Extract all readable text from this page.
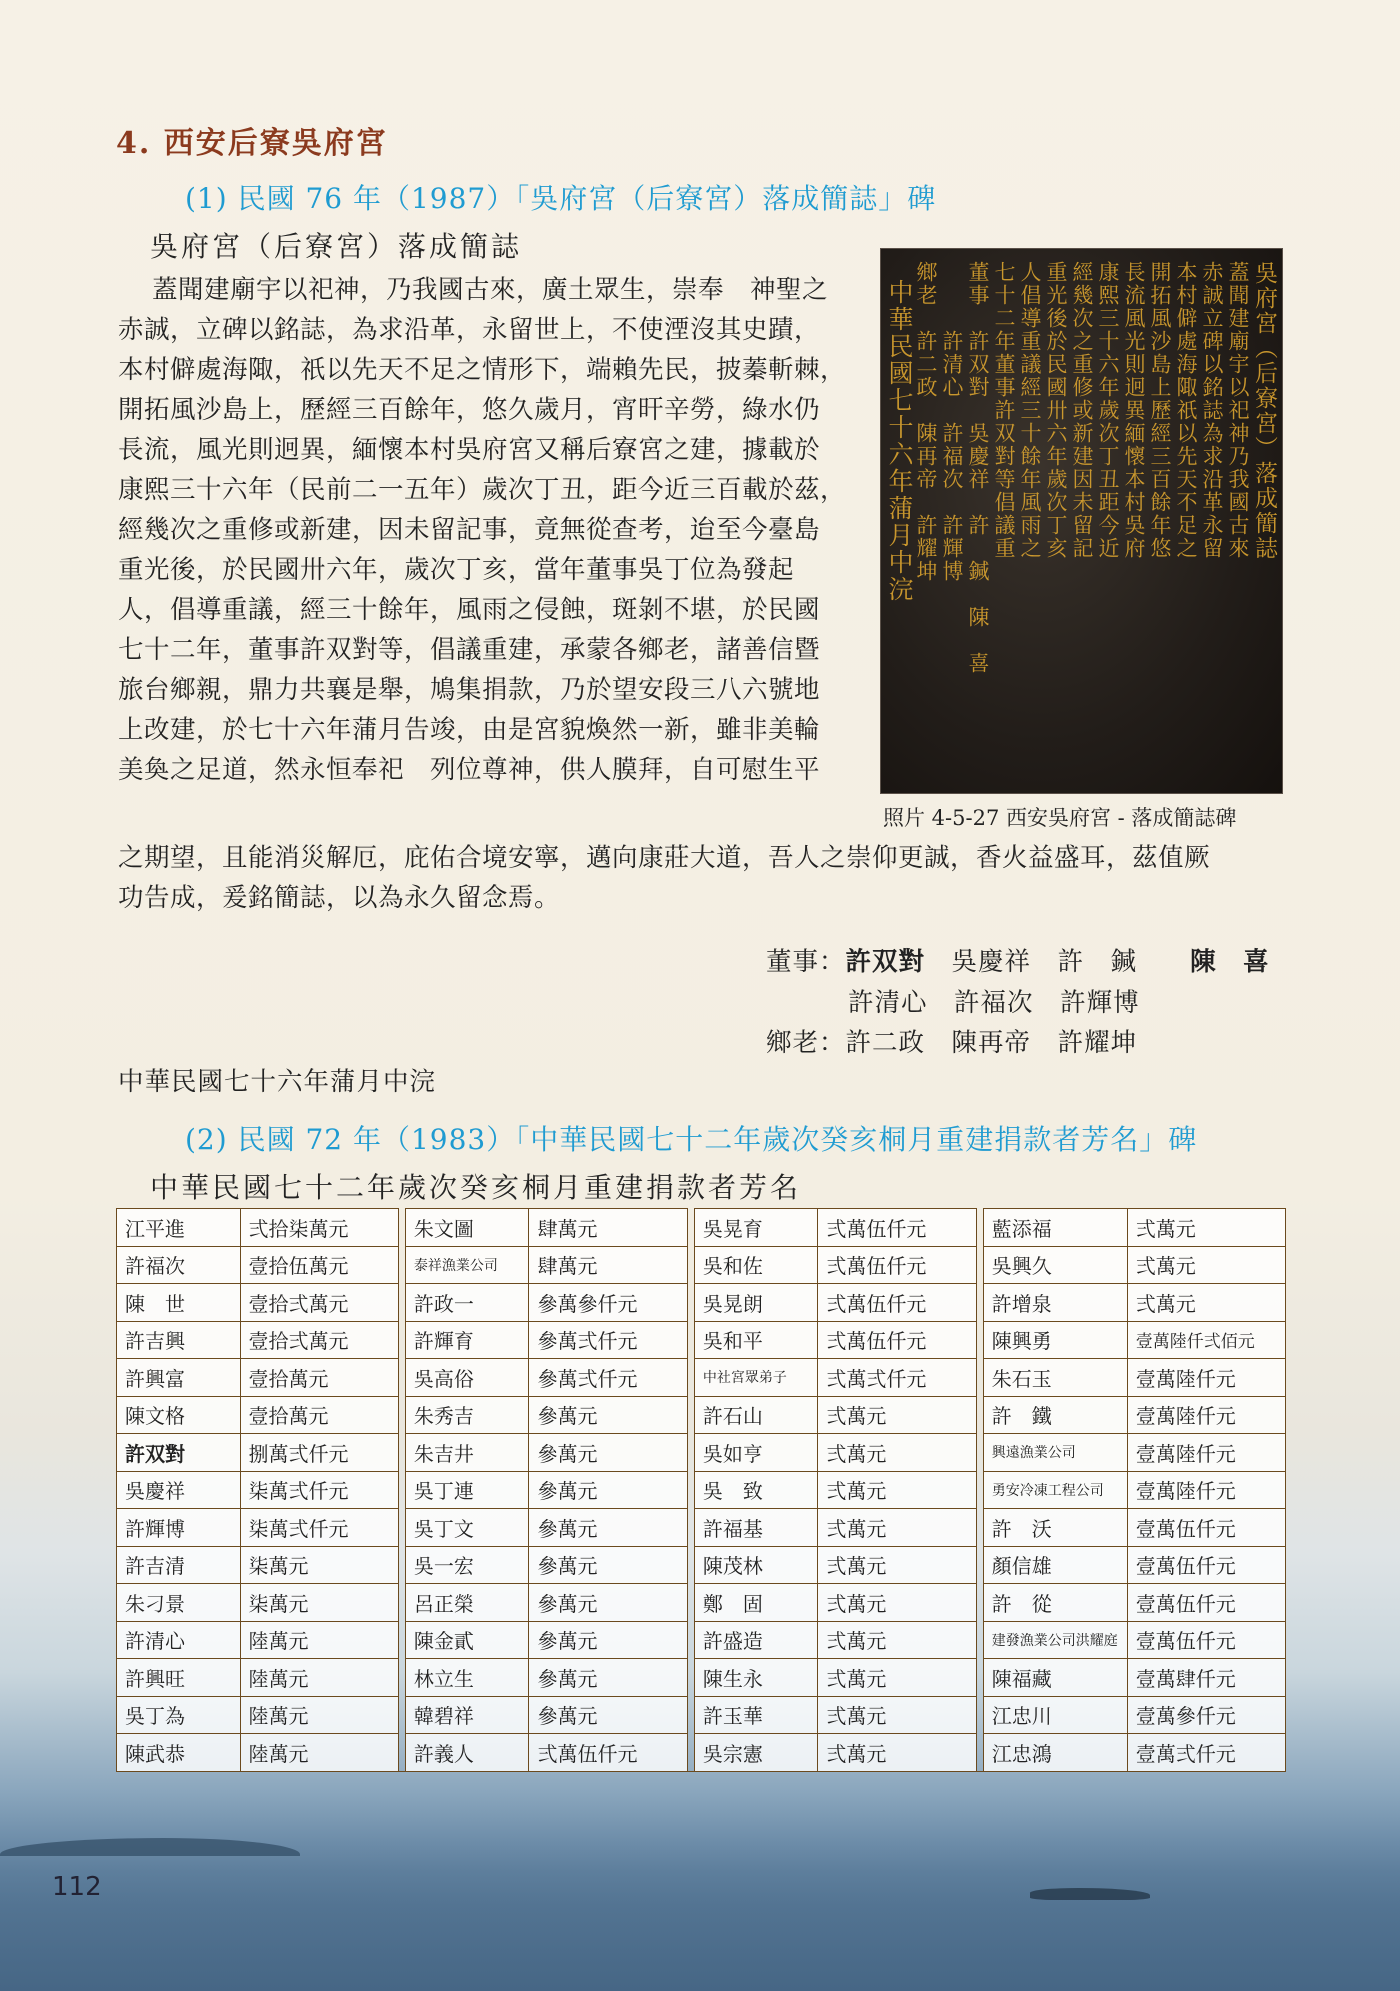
4. 西安后寮吳府宮
(1) 民國 76 年（1987）「吳府宮（后寮宮）落成簡誌」碑
吳府宮（后寮宮）落成簡誌
蓋聞建廟宇以祀神，乃我國古來，廣土眾生，崇奉　神聖之
赤誠，立碑以銘誌，為求沿革，永留世上，不使湮沒其史蹟，
本村僻處海陬，祇以先天不足之情形下，端賴先民，披蓁斬棘，
開拓風沙島上，歷經三百餘年，悠久歲月，宵旰辛勞，綠水仍
長流，風光則迥異，緬懷本村吳府宮又稱后寮宮之建，據載於
康熙三十六年（民前二一五年）歲次丁丑，距今近三百載於茲，
經幾次之重修或新建，因未留記事，竟無從查考，迨至今臺島
重光後，於民國卅六年，歲次丁亥，當年董事吳丁位為發起
人，倡導重議，經三十餘年，風雨之侵蝕，斑剝不堪，於民國
七十二年，董事許双對等，倡議重建，承蒙各鄉老，諸善信暨
旅台鄉親，鼎力共襄是舉，鳩集捐款，乃於望安段三八六號地
上改建，於七十六年蒲月告竣，由是宮貌煥然一新，雖非美輪
美奐之足道，然永恒奉祀　列位尊神，供人膜拜，自可慰生平
吳府宮（后寮宮）落成簡誌
蓋聞建廟宇以祀神乃我國古來
赤誠立碑以銘誌為求沿革永留
本村僻處海陬祇以先天不足之
開拓風沙島上歷經三百餘年悠
長流風光則迥異緬懷本村吳府
康熙三十六年歲次丁丑距今近
經幾次之重修或新建因未留記
重光後於民國卅六年歲次丁亥
人倡導重議經三十餘年風雨之
七十二年董事許双對等倡議重
董事　許双對　吳慶祥　許　鍼　陳　喜
　　　許清心　許福次　許輝博
鄉老　許二政　陳再帝　許耀坤
中華民國七十六年蒲月中浣
照片 4-5-27 西安吳府宮 - 落成簡誌碑
之期望，且能消災解厄，庇佑合境安寧，邁向康莊大道，吾人之崇仰更誠，香火益盛耳，茲值厥
功告成，爰銘簡誌，以為永久留念焉。
董事：許双對　 吳慶祥　 許　鍼　　 陳　喜
許清心　 許福次　 許輝博
鄉老：許二政　 陳再帝　 許耀坤
中華民國七十六年蒲月中浣
(2) 民國 72 年（1983）「中華民國七十二年歲次癸亥桐月重建捐款者芳名」碑
中華民國七十二年歲次癸亥桐月重建捐款者芳名
江平進	弍拾柒萬元		朱文圖	肆萬元		吳晃育	弍萬伍仟元		藍添福	弍萬元
許福次	壹拾伍萬元		泰祥漁業公司	肆萬元		吳和佐	弍萬伍仟元		吳興久	弍萬元
陳　世	壹拾弍萬元		許政一	參萬參仟元		吳晃朗	弍萬伍仟元		許增泉	弍萬元
許吉興	壹拾弍萬元		許輝育	參萬弍仟元		吳和平	弍萬伍仟元		陳興勇	壹萬陸仟弍佰元
許興富	壹拾萬元		吳高俗	參萬弍仟元		中社宮眾弟子	弍萬弍仟元		朱石玉	壹萬陸仟元
陳文格	壹拾萬元		朱秀吉	參萬元		許石山	弍萬元		許　鐵	壹萬陸仟元
許双對	捌萬弍仟元		朱吉井	參萬元		吳如亨	弍萬元		興遠漁業公司	壹萬陸仟元
吳慶祥	柒萬弍仟元		吳丁連	參萬元		吳　致	弍萬元		勇安冷凍工程公司	壹萬陸仟元
許輝博	柒萬弍仟元		吳丁文	參萬元		許福基	弍萬元		許　沃	壹萬伍仟元
許吉清	柒萬元		吳一宏	參萬元		陳茂林	弍萬元		顏信雄	壹萬伍仟元
朱刁景	柒萬元		呂正榮	參萬元		鄭　固	弍萬元		許　從	壹萬伍仟元
許清心	陸萬元		陳金貳	參萬元		許盛造	弍萬元		建發漁業公司洪耀庭	壹萬伍仟元
許興旺	陸萬元		林立生	參萬元		陳生永	弍萬元		陳福藏	壹萬肆仟元
吳丁為	陸萬元		韓碧祥	參萬元		許玉華	弍萬元		江忠川	壹萬參仟元
陳武恭	陸萬元		許義人	弍萬伍仟元		吳宗憲	弍萬元		江忠鴻	壹萬弍仟元
112
